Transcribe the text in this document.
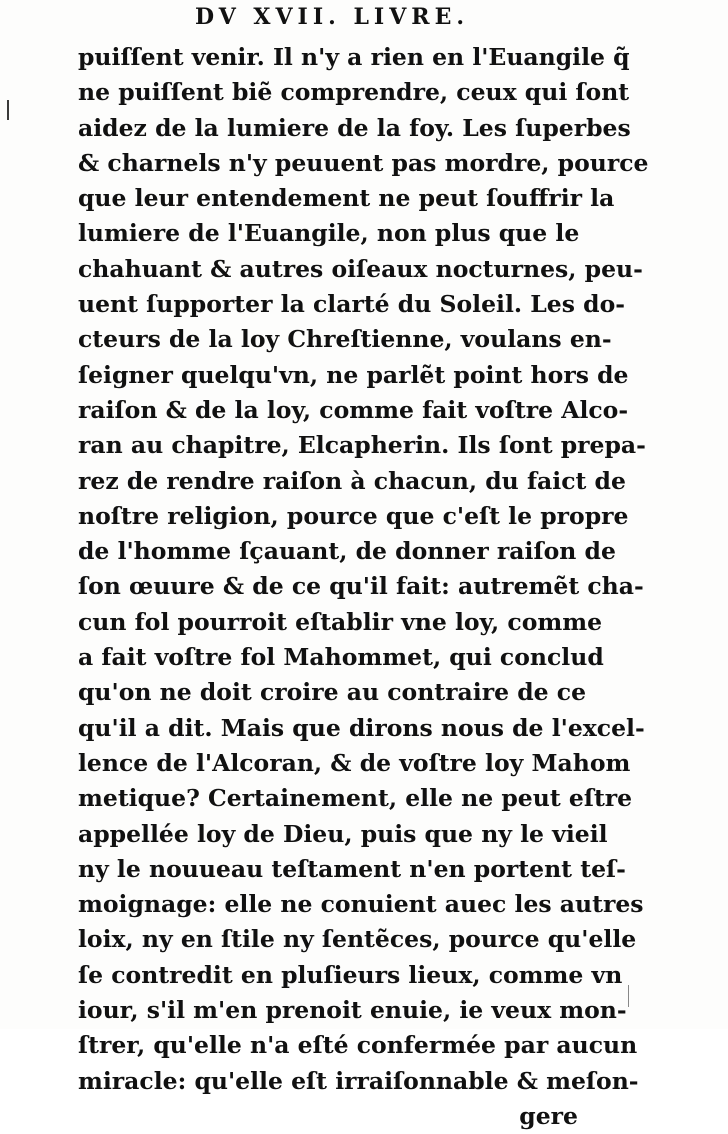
DV XVII. LIVRE.
puiſſent venir. Il n'y a rien en l'Euangile q̃
ne puiſſent biẽ comprendre, ceux qui ſont
aidez de la lumiere de la foy. Les ſuperbes
& charnels n'y peuuent pas mordre, pource
que leur entendement ne peut ſouffrir la
lumiere de l'Euangile, non plus que le
chahuant & autres oiſeaux nocturnes, peu-
uent ſupporter la clarté du Soleil. Les do-
cteurs de la loy Chreſtienne, voulans en-
ſeigner quelqu'vn, ne parlẽt point hors de
raiſon & de la loy, comme fait voſtre Alco-
ran au chapitre, Elcapherin. Ils ſont prepa-
rez de rendre raiſon à chacun, du faict de
noſtre religion, pource que c'eſt le propre
de l'homme ſçauant, de donner raiſon de
ſon œuure & de ce qu'il fait: autremẽt cha-
cun fol pourroit eſtablir vne loy, comme
a fait voſtre fol Mahommet, qui conclud
qu'on ne doit croire au contraire de ce
qu'il a dit. Mais que dirons nous de l'excel-
lence de l'Alcoran, & de voſtre loy Mahom
metique? Certainement, elle ne peut eſtre
appellée loy de Dieu, puis que ny le vieil
ny le nouueau teſtament n'en portent teſ-
moignage: elle ne conuient auec les autres
loix, ny en ſtile ny ſentẽces, pource qu'elle
ſe contredit en pluſieurs lieux, comme vn
iour, s'il m'en prenoit enuie, ie veux mon-
ſtrer, qu'elle n'a eſté confermée par aucun
miracle: qu'elle eſt irraiſonnable & meſon-
gere
